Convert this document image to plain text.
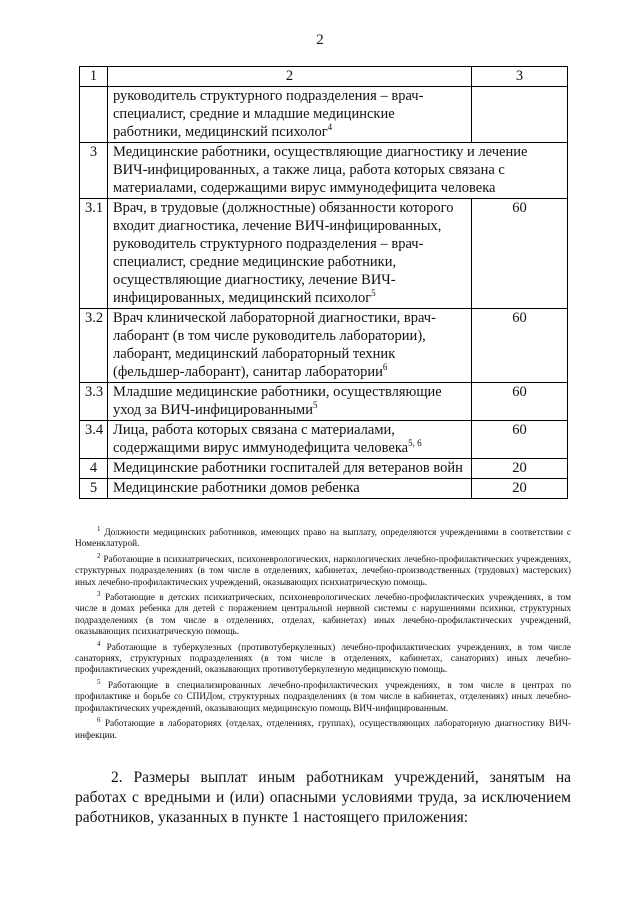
2
1	2	3
	руководитель структурного подразделения – врач-специалист, средние и младшие медицинские работники, медицинский психолог$^4$	
3	Медицинские работники, осуществляющие диагностику и лечение ВИЧ-инфицированных, а также лица, работа которых связана с материалами, содержащими вирус иммунодефицита человека	
3.1	Врач, в трудовые (должностные) обязанности которого входит диагностика, лечение ВИЧ-инфицированных, руководитель структурного подразделения – врач-специалист, средние медицинские работники, осуществляющие диагностику, лечение ВИЧ-инфицированных, медицинский психолог$^5$	60
3.2	Врач клинической лабораторной диагностики, врач-лаборант (в том числе руководитель лаборатории), лаборант, медицинский лабораторный техник (фельдшер-лаборант), санитар лаборатории$^6$	60
3.3	Младшие медицинские работники, осуществляющие уход за ВИЧ-инфицированными$^5$	60
3.4	Лица, работа которых связана с материалами, содержащими вирус иммунодефицита человека$^{5, 6}$	60
4	Медицинские работники госпиталей для ветеранов войн	20
5	Медицинские работники домов ребенка	20

$^1$ Должности медицинских работников, имеющих право на выплату, определяются учреждениями в соответствии с Номенклатурой.

$^2$ Работающие в психиатрических, психоневрологических, наркологических лечебно-профилактических учреждениях, структурных подразделениях (в том числе в отделениях, кабинетах, лечебно-производственных (трудовых) мастерских) иных лечебно-профилактических учреждений, оказывающих психиатрическую помощь.

$^3$ Работающие в детских психиатрических, психоневрологических лечебно-профилактических учреждениях, в том числе в домах ребенка для детей с поражением центральной нервной системы с нарушениями психики, структурных подразделениях (в том числе в отделениях, отделах, кабинетах) иных лечебно-профилактических учреждений, оказывающих психиатрическую помощь.

$^4$ Работающие в туберкулезных (противотуберкулезных) лечебно-профилактических учреждениях, в том числе санаториях, структурных подразделениях (в том числе в отделениях, кабинетах, санаториях) иных лечебно-профилактических учреждений, оказывающих противотуберкулезную медицинскую помощь.

$^5$ Работающие в специализированных лечебно-профилактических учреждениях, в том числе в центрах по профилактике и борьбе со СПИДом, структурных подразделениях (в том числе в кабинетах, отделениях) иных лечебно-профилактических учреждений, оказывающих медицинскую помощь ВИЧ-инфицированным.

$^6$ Работающие в лабораториях (отделах, отделениях, группах), осуществляющих лабораторную диагностику ВИЧ-инфекции.

2. Размеры выплат иным работникам учреждений, занятым на работах с вредными и (или) опасными условиями труда, за исключением работников, указанных в пункте 1 настоящего приложения:
